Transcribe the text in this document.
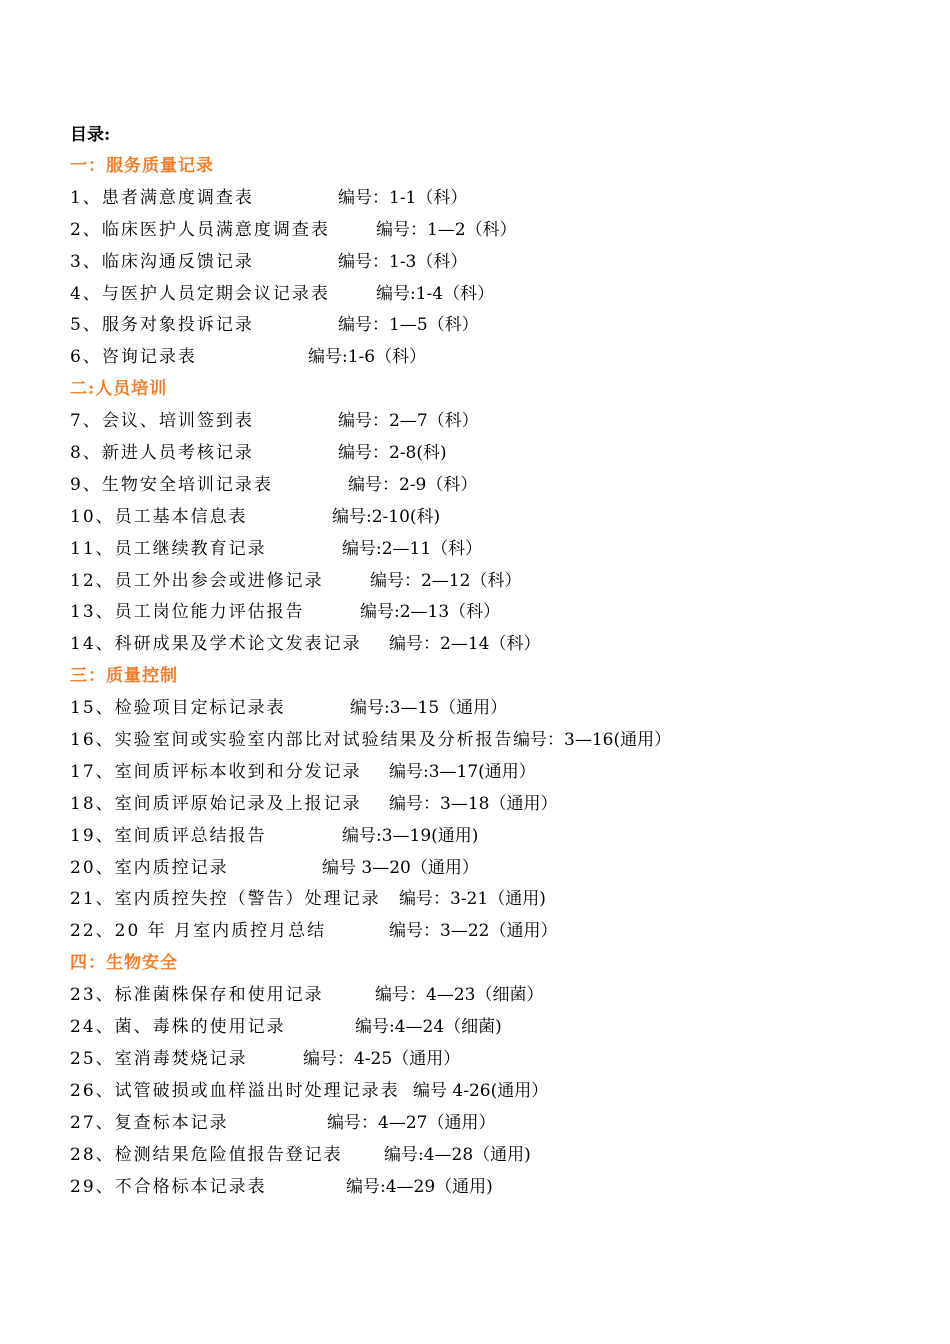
目录:
一：服务质量记录
1、患者满意度调查表	编号：1-1（科）
2、临床医护人员满意度调查表	编号：1—2（科）
3、临床沟通反馈记录	编号：1-3（科）
4、与医护人员定期会议记录表	编号:1-4（科）
5、服务对象投诉记录	编号：1—5（科）
6、咨询记录表	编号:1-6（科）
二:人员培训
7、会议、培训签到表	编号：2—7（科）
8、新进人员考核记录	编号：2-8(科)
9、生物安全培训记录表	编号：2-9（科）
10、员工基本信息表	编号:2-10(科)
11、员工继续教育记录	编号:2—11（科）
12、员工外出参会或进修记录	编号：2—12（科）
13、员工岗位能力评估报告	编号:2—13（科）
14、科研成果及学术论文发表记录 编号：2—14（科）
三：质量控制
15、检验项目定标记录表	编号:3—15（通用）
16、实验室间或实验室内部比对试验结果及分析报告 编号：3—16(通用）
17、室间质评标本收到和分发记录 编号:3—17(通用）
18、室间质评原始记录及上报记录 编号：3—18（通用）
19、室间质评总结报告	编号:3—19(通用)
20、室内质控记录	编号 3—20（通用）
21、室内质控失控（警告）处理记录 编号：3-21（通用)
22、20 年 月室内质控月总结	编号：3—22（通用）
四：生物安全
23、标准菌株保存和使用记录	编号：4—23（细菌）
24、菌、毒株的使用记录	编号:4—24（细菌)
25、室消毒焚烧记录	编号：4-25（通用）
26、试管破损或血样溢出时处理记录表 编号 4-26(通用）
27、复查标本记录	编号：4—27（通用）
28、检测结果危险值报告登记表 编号:4—28（通用)
29、不合格标本记录表	编号:4—29（通用)
